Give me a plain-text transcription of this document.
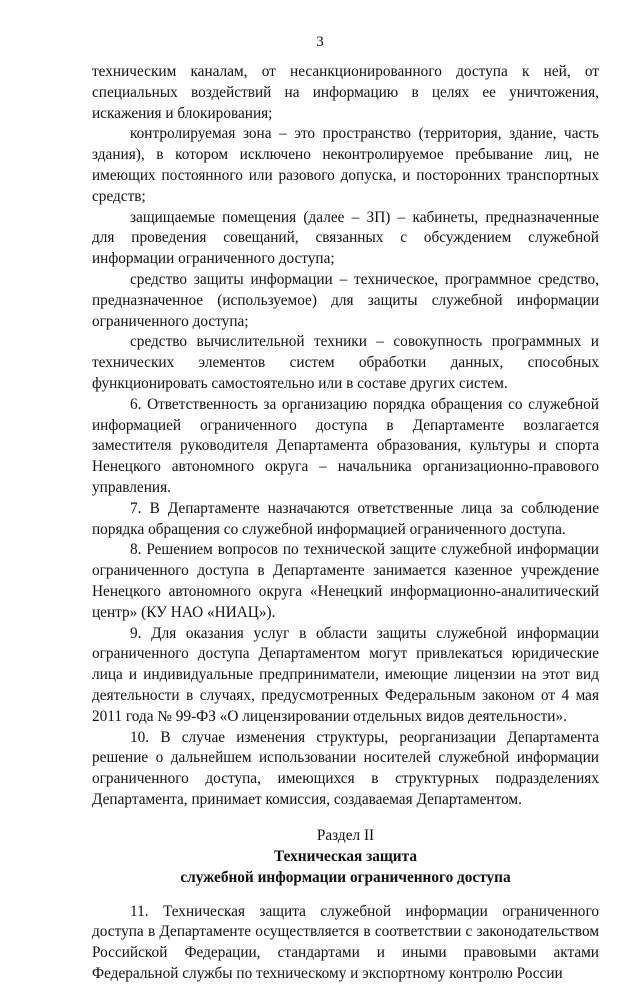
3

техническим каналам, от несанкционированного доступа к ней, от специальных воздействий на информацию в целях ее уничтожения, искажения и блокирования;

контролируемая зона – это пространство (территория, здание, часть здания), в котором исключено неконтролируемое пребывание лиц, не имеющих постоянного или разового допуска, и посторонних транспортных средств;

защищаемые помещения (далее – ЗП) – кабинеты, предназначенные для проведения совещаний, связанных с обсуждением служебной информации ограниченного доступа;

средство защиты информации – техническое, программное средство, предназначенное (используемое) для защиты служебной информации ограниченного доступа;

средство вычислительной техники – совокупность программных и технических элементов систем обработки данных, способных функционировать самостоятельно или в составе других систем.

6. Ответственность за организацию порядка обращения со служебной информацией ограниченного доступа в Департаменте возлагается заместителя руководителя Департамента образования, культуры и спорта Ненецкого автономного округа – начальника организационно-правового управления.

7. В Департаменте назначаются ответственные лица за соблюдение порядка обращения со служебной информацией ограниченного доступа.

8. Решением вопросов по технической защите служебной информации ограниченного доступа в Департаменте занимается казенное учреждение Ненецкого автономного округа «Ненецкий информационно-аналитический центр» (КУ НАО «НИАЦ»).

9. Для оказания услуг в области защиты служебной информации ограниченного доступа Департаментом могут привлекаться юридические лица и индивидуальные предприниматели, имеющие лицензии на этот вид деятельности в случаях, предусмотренных Федеральным законом от 4 мая 2011 года № 99-ФЗ «О лицензировании отдельных видов деятельности».

10. В случае изменения структуры, реорганизации Департамента решение о дальнейшем использовании носителей служебной информации ограниченного доступа, имеющихся в структурных подразделениях Департамента, принимает комиссия, создаваемая Департаментом.

Раздел II
Техническая защита
служебной информации ограниченного доступа

11. Техническая защита служебной информации ограниченного доступа в Департаменте осуществляется в соответствии с законодательством Российской Федерации, стандартами и иными правовыми актами Федеральной службы по техническому и экспортному контролю России
